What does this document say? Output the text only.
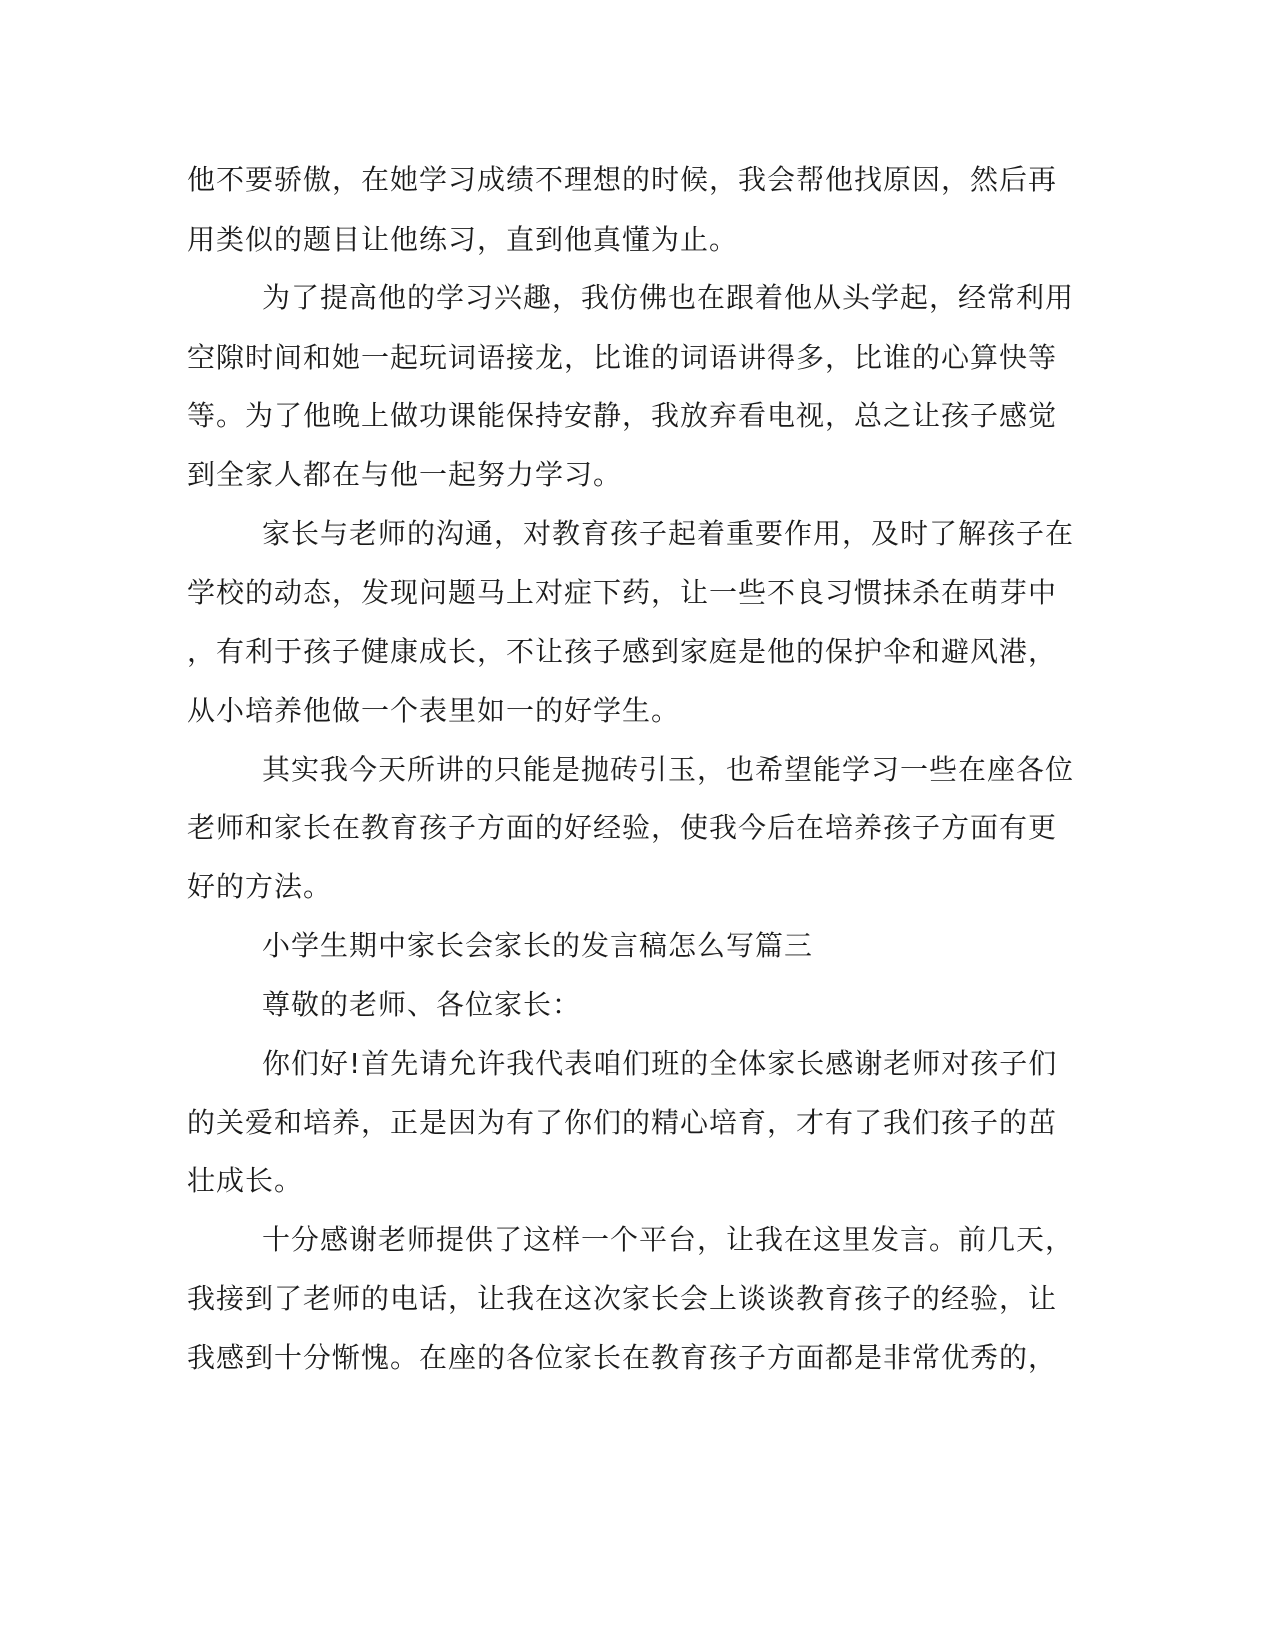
他不要骄傲，在她学习成绩不理想的时候，我会帮他找原因，然后再
用类似的题目让他练习，直到他真懂为止。
为了提高他的学习兴趣，我仿佛也在跟着他从头学起，经常利用
空隙时间和她一起玩词语接龙，比谁的词语讲得多，比谁的心算快等
等。为了他晚上做功课能保持安静，我放弃看电视，总之让孩子感觉
到全家人都在与他一起努力学习。
家长与老师的沟通，对教育孩子起着重要作用，及时了解孩子在
学校的动态，发现问题马上对症下药，让一些不良习惯抹杀在萌芽中
，有利于孩子健康成长，不让孩子感到家庭是他的保护伞和避风港，
从小培养他做一个表里如一的好学生。
其实我今天所讲的只能是抛砖引玉，也希望能学习一些在座各位
老师和家长在教育孩子方面的好经验，使我今后在培养孩子方面有更
好的方法。
小学生期中家长会家长的发言稿怎么写篇三
尊敬的老师、各位家长：
你们好!首先请允许我代表咱们班的全体家长感谢老师对孩子们
的关爱和培养，正是因为有了你们的精心培育，才有了我们孩子的茁
壮成长。
十分感谢老师提供了这样一个平台，让我在这里发言。前几天，
我接到了老师的电话，让我在这次家长会上谈谈教育孩子的经验，让
我感到十分惭愧。在座的各位家长在教育孩子方面都是非常优秀的，
